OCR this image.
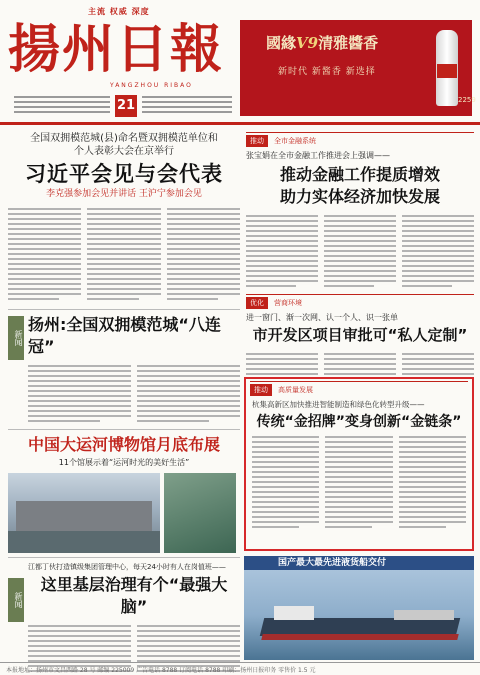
主流 权威 深度
揚州日報
YANGZHOU RIBAO
21
國緣V9清雅醬香
新时代 新酱香 新选择
2259
全国双拥模范城(县)命名暨双拥模范单位和
个人表彰大会在京举行
习近平会见与会代表
李克强参加会见并讲话 王沪宁参加会见
新闻
扬州:全国双拥模范城“八连冠”
中国大运河博物馆月底布展
11个馆展示着“运河时光的美好生活”
新闻
江都丁伙打造镇级集团管理中心，每天24小时有人在岗值班——
这里基层治理有个“最强大脑”
推动	全市金融系统
张宝娟在全市金融工作推进会上强调——
推动金融工作提质增效
助力实体经济加快发展
优化	营商环境
进一窗门、渐一次网、认一个人、识一张单
市开发区项目审批可“私人定制”
推动	高质量发展
杭集高新区加快推进智能制造和绿色化转型升级——
传统“金招牌”变身创新“金链条”
国产最大最先进液货船交付
本报地址：扬州市文昌西路 28 号 邮编 225009 广告电话 8788 订阅电话 8788 印刷：扬州日报印务 零售价 1.5 元
